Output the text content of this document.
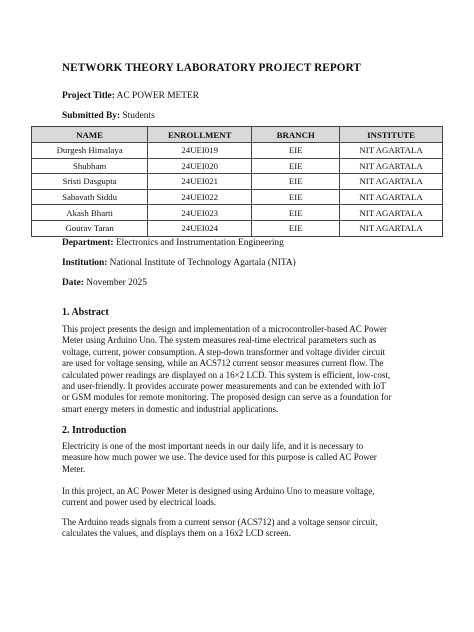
NETWORK THEORY LABORATORY PROJECT REPORT
Project Title: AC POWER METER
Submitted By: Students
NAME	ENROLLMENT	BRANCH	INSTITUTE
Durgesh Himalaya	24UEI019	EIE	NIT AGARTALA
Shubham	24UEI020	EIE	NIT AGARTALA
Sristi Dasgupta	24UEI021	EIE	NIT AGARTALA
Sabavath Siddu	24UEI022	EIE	NIT AGARTALA
Akash Bharti	24UEI023	EIE	NIT AGARTALA
Gourav Taran	24UEI024	EIE	NIT AGARTALA
Department: Electronics and Instrumentation Engineering
Institution: National Institute of Technology Agartala (NITA)
Date: November 2025
1. Abstract
This project presents the design and implementation of a microcontroller-based AC Power
Meter using Arduino Uno. The system measures real-time electrical parameters such as
voltage, current, power consumption. A step-down transformer and voltage divider circuit
are used for voltage sensing, while an ACS712 current sensor measures current flow. The
calculated power readings are displayed on a 16×2 LCD. This system is efficient, low-cost,
and user-friendly. It provides accurate power measurements and can be extended with IoT
or GSM modules for remote monitoring. The proposed design can serve as a foundation for
smart energy meters in domestic and industrial applications.
2. Introduction
Electricity is one of the most important needs in our daily life, and it is necessary to
measure how much power we use. The device used for this purpose is called AC Power
Meter.
In this project, an AC Power Meter is designed using Arduino Uno to measure voltage,
current and power used by electrical loads.
The Arduino reads signals from a current sensor (ACS712) and a voltage sensor circuit,
calculates the values, and displays them on a 16x2 LCD screen.
